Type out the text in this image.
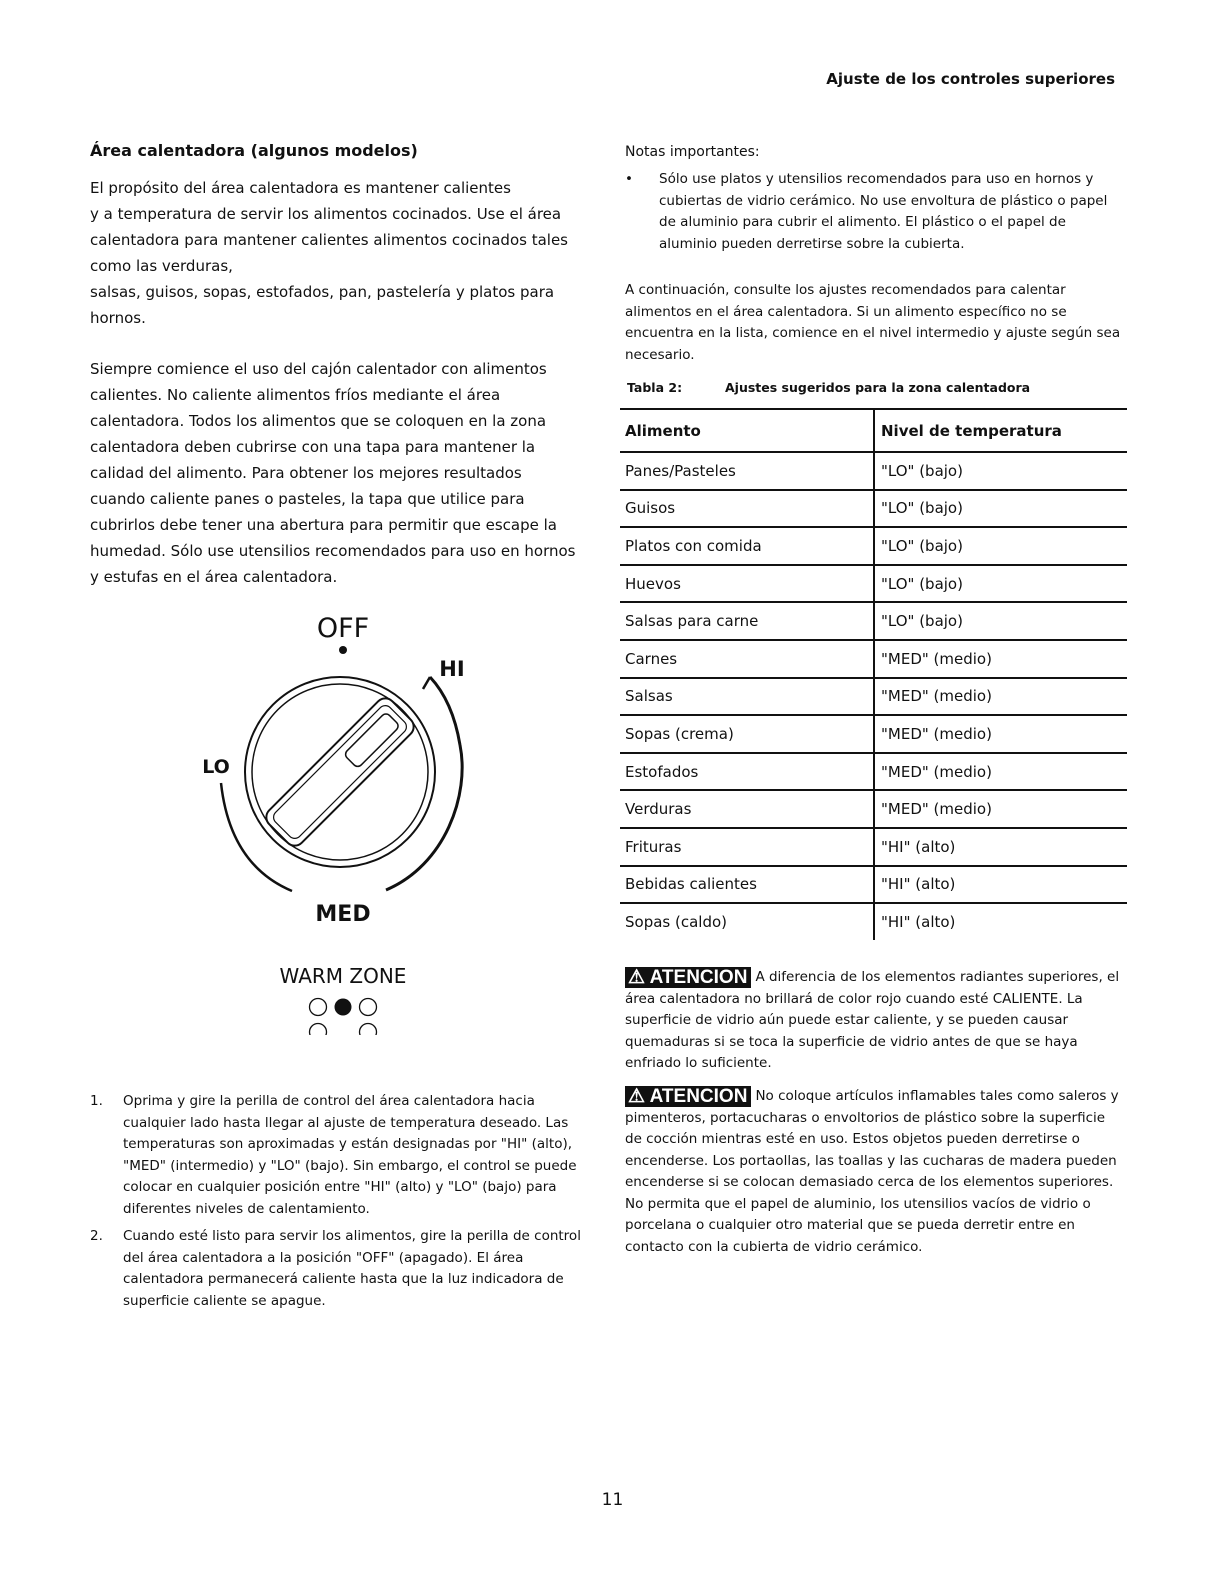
Ajuste de los controles superiores
Área calentadora (algunos modelos)

El propósito del área calentadora es mantener calientes

y a temperatura de servir los alimentos cocinados. Use el área

calentadora para mantener calientes alimentos cocinados tales

como las verduras,

salsas, guisos, sopas, estofados, pan, pastelería y platos para

hornos.

Siempre comience el uso del cajón calentador con alimentos

calientes. No caliente alimentos fríos mediante el área

calentadora. Todos los alimentos que se coloquen en la zona

calentadora deben cubrirse con una tapa para mantener la

calidad del alimento. Para obtener los mejores resultados

cuando caliente panes o pasteles, la tapa que utilice para

cubrirlos debe tener una abertura para permitir que escape la

humedad. Sólo use utensilios recomendados para uso en hornos

y estufas en el área calentadora.

OFF
HI
LO
MED
WARM ZONE
1. Oprima y gire la perilla de control del área calentadora hacia cualquier lado hasta llegar al ajuste de temperatura deseado. Las temperaturas son aproximadas y están designadas por "HI" (alto), "MED" (intermedio) y "LO" (bajo). Sin embargo, el control se puede colocar en cualquier posición entre "HI" (alto) y "LO" (bajo) para diferentes niveles de calentamiento.
2. Cuando esté listo para servir los alimentos, gire la perilla de control del área calentadora a la posición "OFF" (apagado). El área calentadora permanecerá caliente hasta que la luz indicadora de superficie caliente se apague.
Notas importantes:
• Sólo use platos y utensilios recomendados para uso en hornos y cubiertas de vidrio cerámico. No use envoltura de plástico o papel de aluminio para cubrir el alimento. El plástico o el papel de aluminio pueden derretirse sobre la cubierta.
A continuación, consulte los ajustes recomendados para calentar alimentos en el área calentadora. Si un alimento específico no se encuentra en la lista, comience en el nivel intermedio y ajuste según sea necesario.
Tabla 2:	Ajustes sugeridos para la zona calentadora
Alimento	Nivel de temperatura
Panes/Pasteles	"LO" (bajo)
Guisos	"LO" (bajo)
Platos con comida	"LO" (bajo)
Huevos	"LO" (bajo)
Salsas para carne	"LO" (bajo)
Carnes	"MED" (medio)
Salsas	"MED" (medio)
Sopas (crema)	"MED" (medio)
Estofados	"MED" (medio)
Verduras	"MED" (medio)
Frituras	"HI" (alto)
Bebidas calientes	"HI" (alto)
Sopas (caldo)	"HI" (alto)
⚠ ATENCION A diferencia de los elementos radiantes superiores, el área calentadora no brillará de color rojo cuando esté CALIENTE. La superficie de vidrio aún puede estar caliente, y se pueden causar quemaduras si se toca la superficie de vidrio antes de que se haya enfriado lo suficiente.
⚠ ATENCION No coloque artículos inflamables tales como saleros y pimenteros, portacucharas o envoltorios de plástico sobre la superficie de cocción mientras esté en uso. Estos objetos pueden derretirse o encenderse. Los portaollas, las toallas y las cucharas de madera pueden encenderse si se colocan demasiado cerca de los elementos superiores. No permita que el papel de aluminio, los utensilios vacíos de vidrio o porcelana o cualquier otro material que se pueda derretir entre en contacto con la cubierta de vidrio cerámico.
11
